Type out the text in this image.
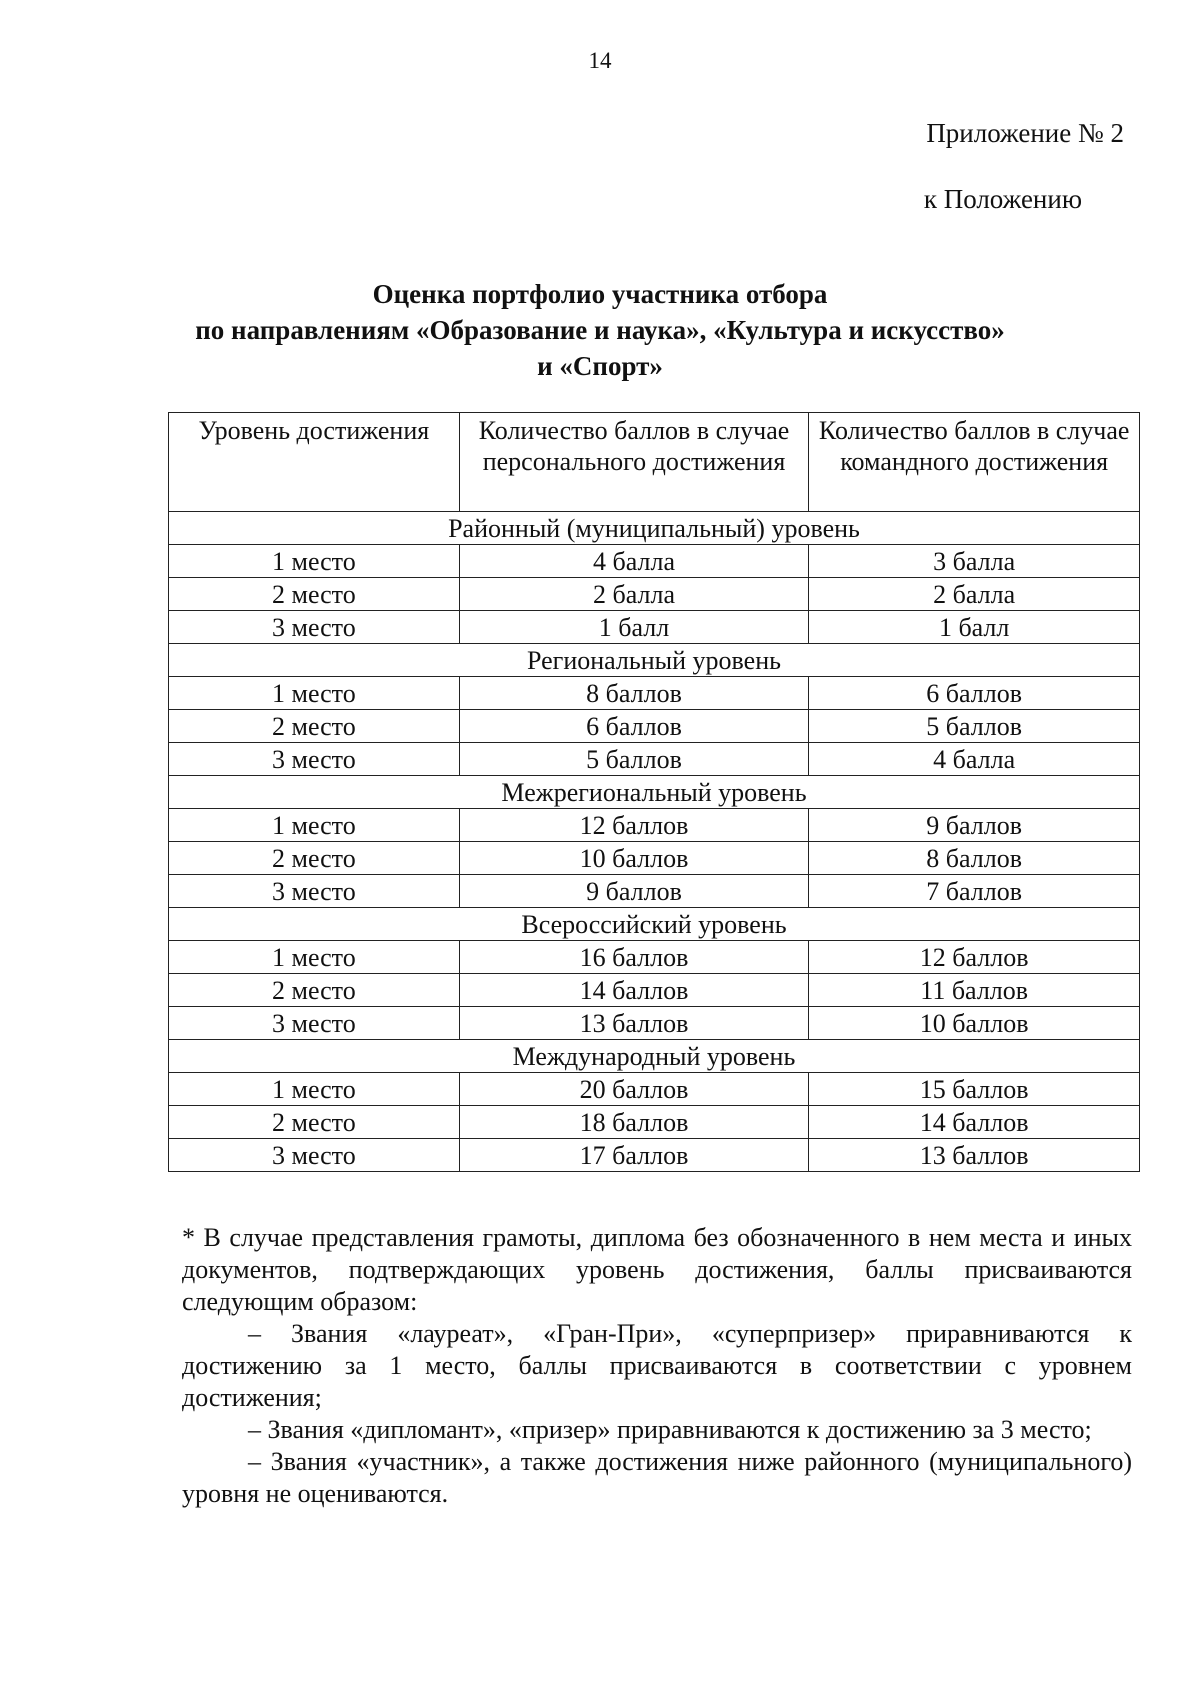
14
Приложение № 2
к Положению
Оценка портфолио участника отбора
по направлениям «Образование и наука», «Культура и искусство»
и «Спорт»
Уровень достижения	Количество баллов в случае персонального достижения	Количество баллов в случае командного достижения
Районный (муниципальный) уровень		
1 место	4 балла	3 балла
2 место	2 балла	2 балла
3 место	1 балл	1 балл
Региональный уровень		
1 место	8 баллов	6 баллов
2 место	6 баллов	5 баллов
3 место	5 баллов	4 балла
Межрегиональный уровень		
1 место	12 баллов	9 баллов
2 место	10 баллов	8 баллов
3 место	9 баллов	7 баллов
Всероссийский уровень		
1 место	16 баллов	12 баллов
2 место	14 баллов	11 баллов
3 место	13 баллов	10 баллов
Международный уровень		
1 место	20 баллов	15 баллов
2 место	18 баллов	14 баллов
3 место	17 баллов	13 баллов

* В случае представления грамоты, диплома без обозначенного в нем места и иных документов, подтверждающих уровень достижения, баллы присваиваются следующим образом:

– Звания «лауреат», «Гран-При», «суперпризер» приравниваются к достижению за 1 место, баллы присваиваются в соответствии с уровнем достижения;

– Звания «дипломант», «призер» приравниваются к достижению за 3 место;

– Звания «участник», а также достижения ниже районного (муниципального) уровня не оцениваются.
